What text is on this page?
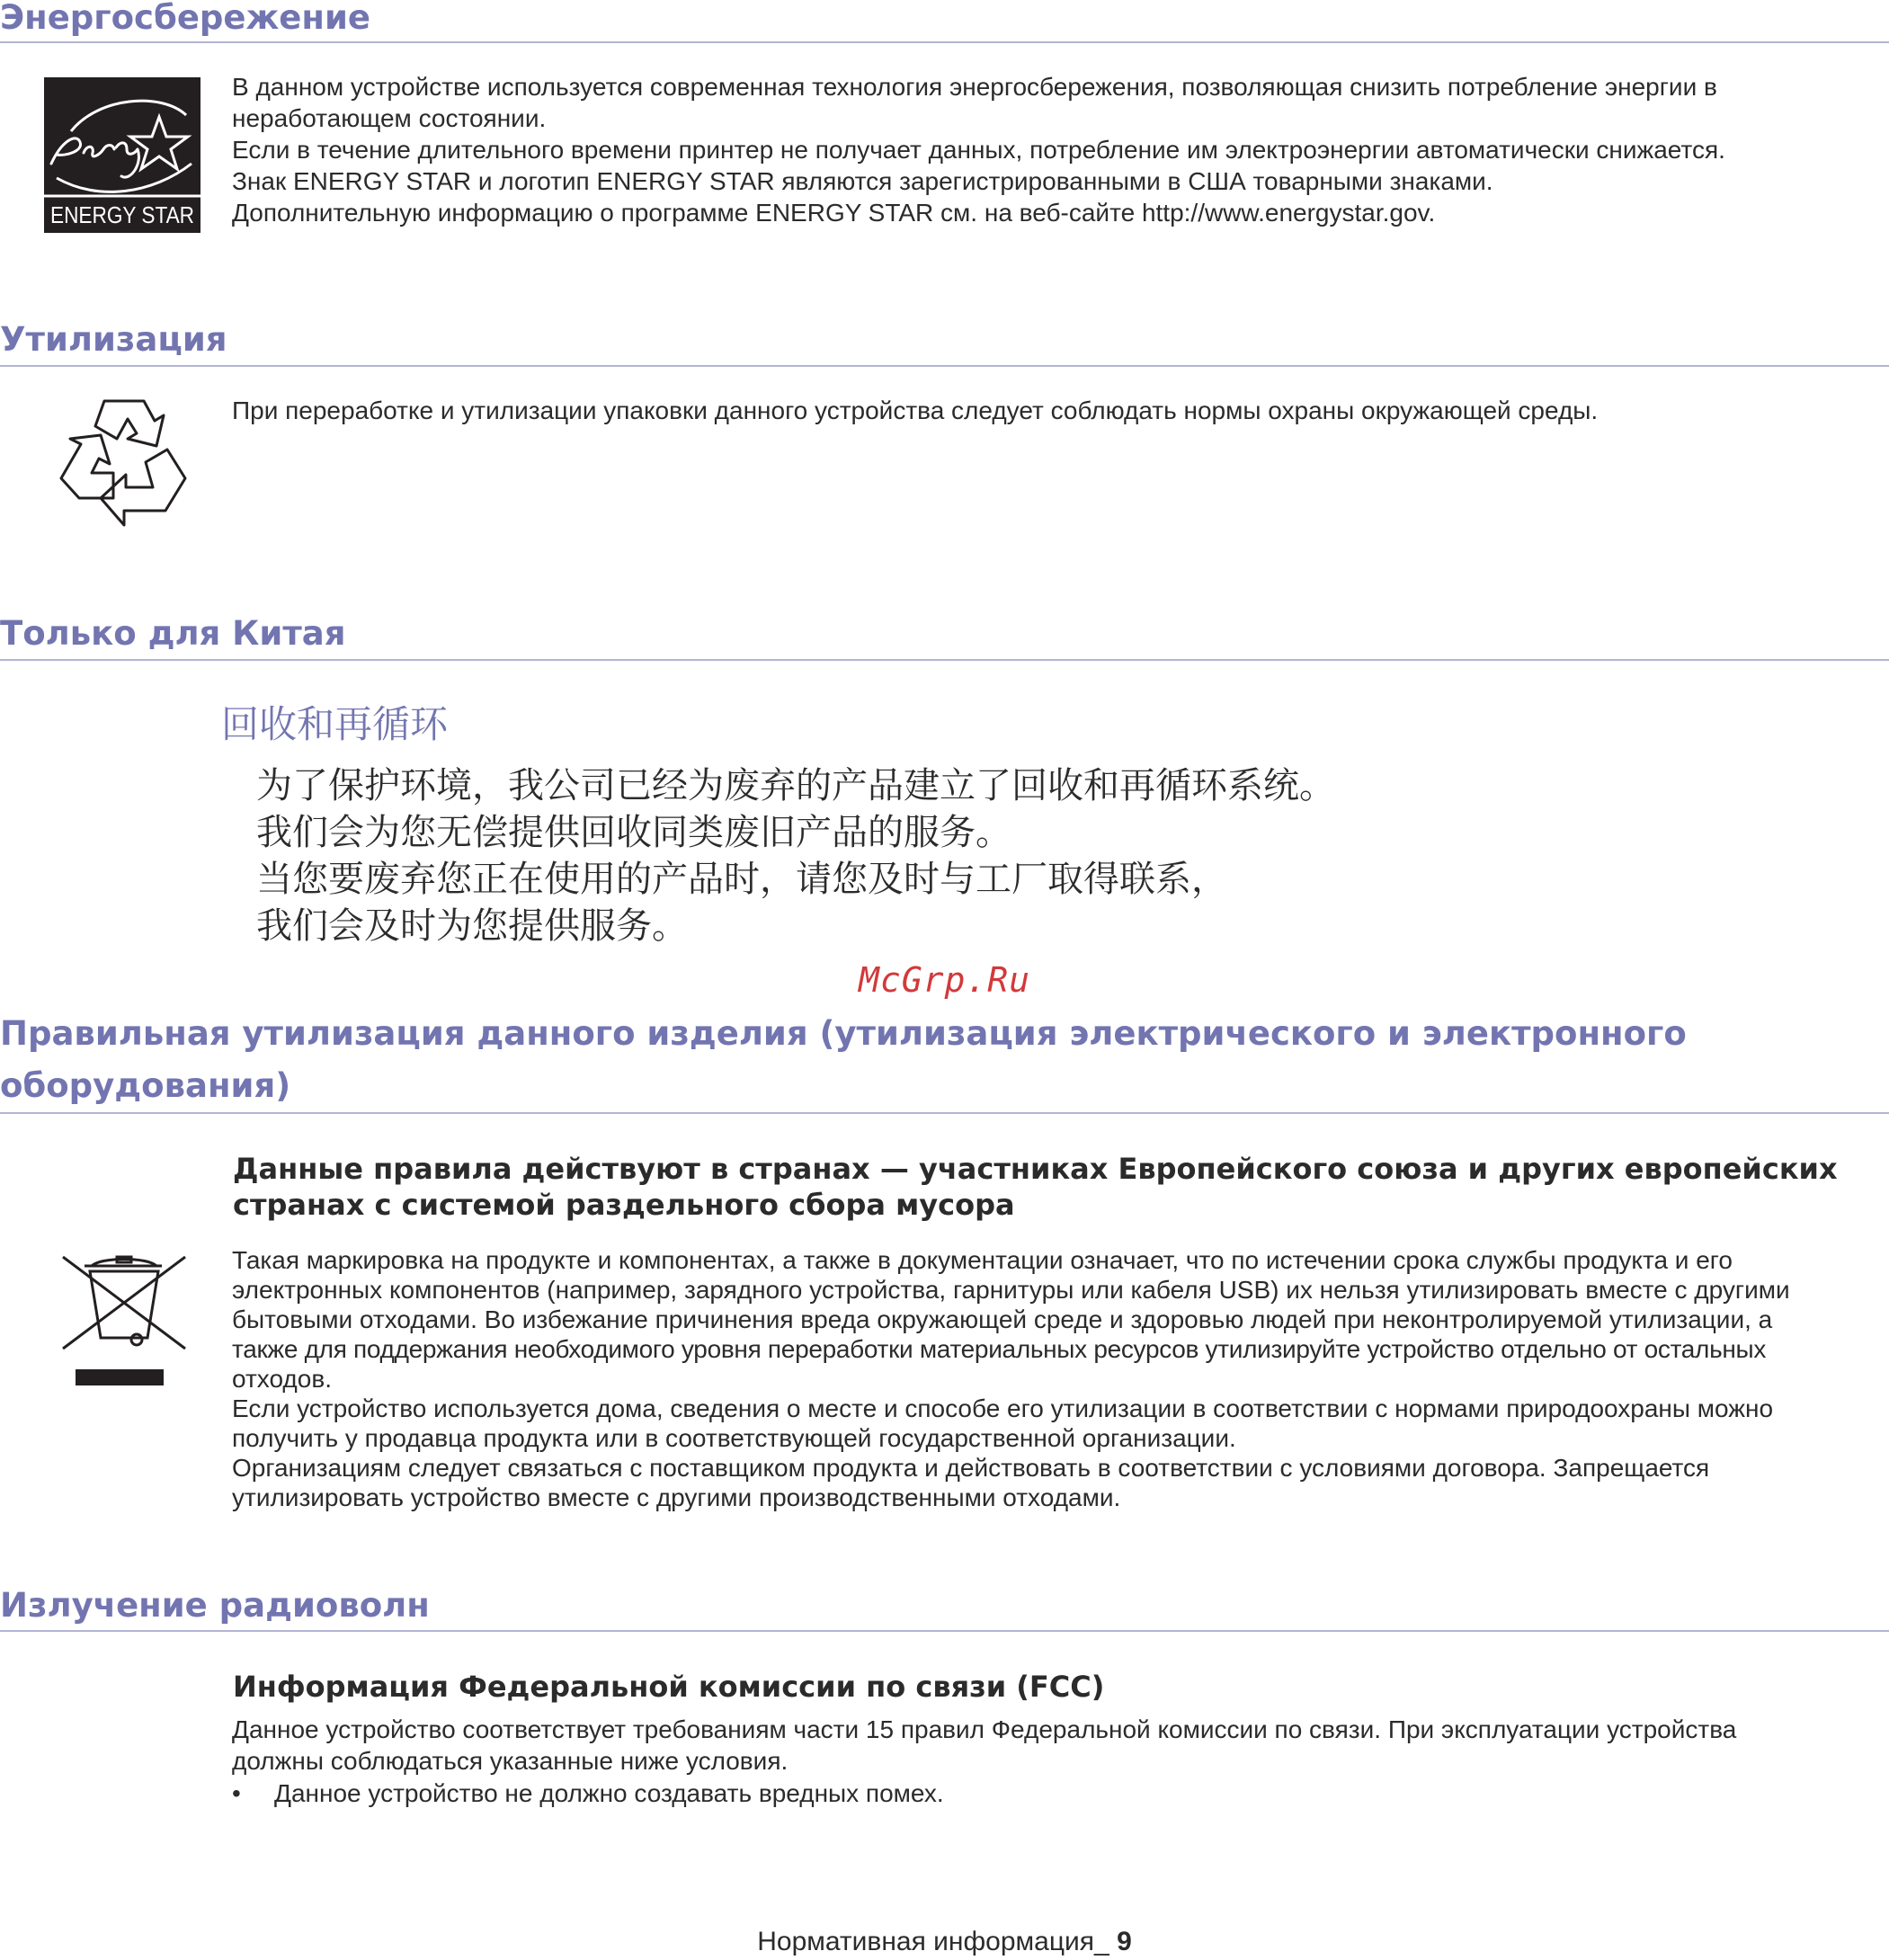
Энергосбережение
ENERGY STAR
В данном устройстве используется современная технология энергосбережения, позволяющая снизить потребление энергии в
неработающем состоянии.
Если в течение длительного времени принтер не получает данных, потребление им электроэнергии автоматически снижается.
Знак ENERGY STAR и логотип ENERGY STAR являются зарегистрированными в США товарными знаками.
Дополнительную информацию о программе ENERGY STAR см. на веб-сайте http://www.energystar.gov.
Утилизация
При переработке и утилизации упаковки данного устройства следует соблюдать нормы охраны окружающей среды.
Только для Китая
回收和再循环
为了保护环境，我公司已经为废弃的产品建立了回收和再循环系统。
我们会为您无偿提供回收同类废旧产品的服务。
当您要废弃您正在使用的产品时，请您及时与工厂取得联系，
我们会及时为您提供服务。
McGrp.Ru
Правильная утилизация данного изделия (утилизация электрического и электронного
оборудования)
Данные правила действуют в странах — участниках Европейского союза и других европейских
странах с системой раздельного сбора мусора
Такая маркировка на продукте и компонентах, а также в документации означает, что по истечении срока службы продукта и его
электронных компонентов (например, зарядного устройства, гарнитуры или кабеля USB) их нельзя утилизировать вместе с другими
бытовыми отходами. Во избежание причинения вреда окружающей среде и здоровью людей при неконтролируемой утилизации, а
также для поддержания необходимого уровня переработки материальных ресурсов утилизируйте устройство отдельно от остальных
отходов.
Если устройство используется дома, сведения о месте и способе его утилизации в соответствии с нормами природоохраны можно
получить у продавца продукта или в соответствующей государственной организации.
Организациям следует связаться с поставщиком продукта и действовать в соответствии с условиями договора. Запрещается
утилизировать устройство вместе с другими производственными отходами.
Излучение радиоволн
Информация Федеральной комиссии по связи (FCC)
Данное устройство соответствует требованиям части 15 правил Федеральной комиссии по связи. При эксплуатации устройства
должны соблюдаться указанные ниже условия.
• Данное устройство не должно создавать вредных помех.
Нормативная информация_ 9
